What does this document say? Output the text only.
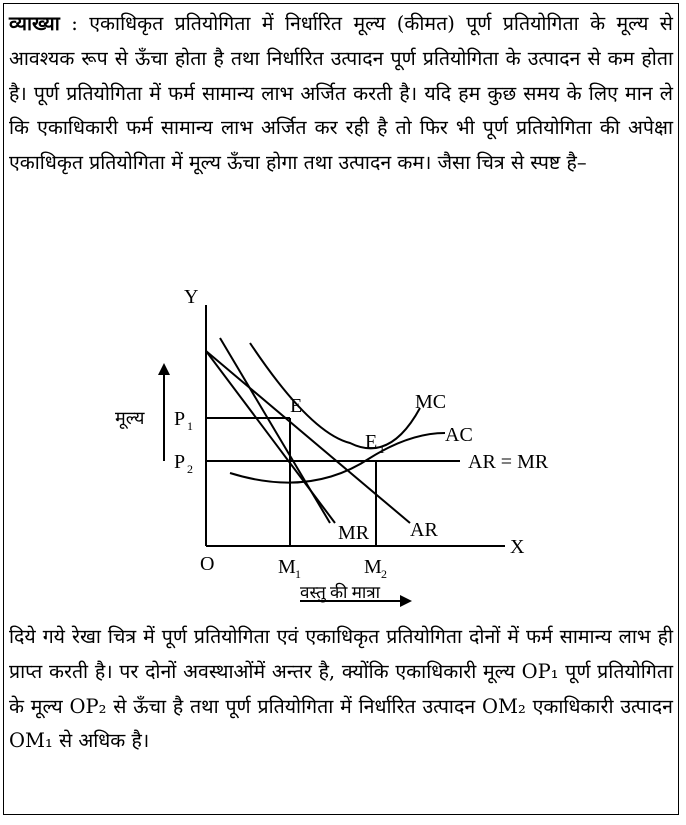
व्याख्या : एकाधिकृत प्रतियोगिता में निर्धारित मूल्य (कीमत) पूर्ण प्रतियोगिता के मूल्य से आवश्यक रूप से ऊँचा होता है तथा निर्धारित उत्पादन पूर्ण प्रतियोगिता के उत्पादन से कम होता है। पूर्ण प्रतियोगिता में फर्म सामान्य लाभ अर्जित करती है। यदि हम कुछ समय के लिए मान ले कि एकाधिकारी फर्म सामान्य लाभ अर्जित कर रही है तो फिर भी पूर्ण प्रतियोगिता की अपेक्षा एकाधिकृत प्रतियोगिता में मूल्य ऊँचा होगा तथा उत्पादन कम। जैसा चित्र से स्पष्ट है–
Y
X
O
मूल्य
वस्तु की मात्रा
P 1
P 2
M 1	M 2
E
E 1
MC
AC
AR = MR
MR AR
दिये गये रेखा चित्र में पूर्ण प्रतियोगिता एवं एकाधिकृत प्रतियोगिता दोनों में फर्म सामान्य लाभ ही प्राप्त करती है। पर दोनों अवस्थाओंमें अन्तर है, क्योंकि एकाधिकारी मूल्य OP₁ पूर्ण प्रतियोगिता के मूल्य OP₂ से ऊँचा है तथा पूर्ण प्रतियोगिता में निर्धारित उत्पादन OM₂ एकाधिकारी उत्पादन OM₁ से अधिक है।
